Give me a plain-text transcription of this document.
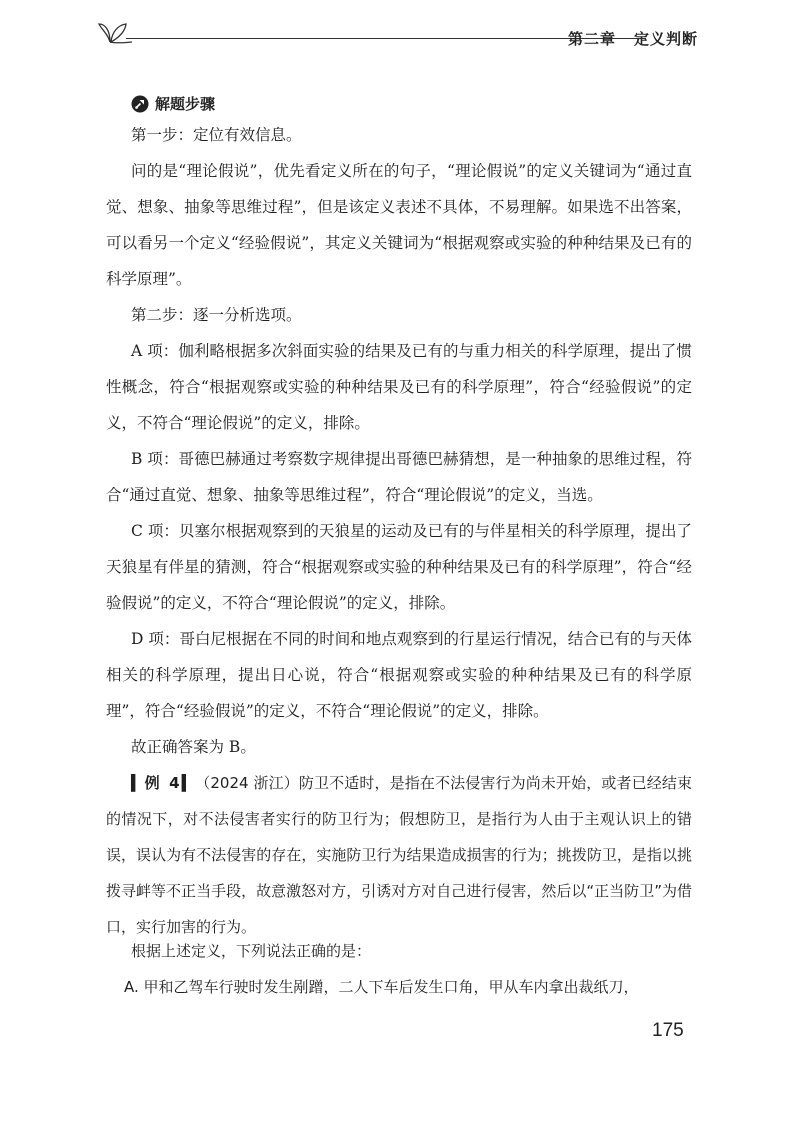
第二章 定义判断
解题步骤

第一步：定位有效信息。

问的是“理论假说”，优先看定义所在的句子，“理论假说”的定义关键词为“通过直觉、想象、抽象等思维过程”，但是该定义表述不具体，不易理解。如果选不出答案，可以看另一个定义“经验假说”，其定义关键词为“根据观察或实验的种种结果及已有的科学原理”。

第二步：逐一分析选项。

A 项：伽利略根据多次斜面实验的结果及已有的与重力相关的科学原理，提出了惯性概念，符合“根据观察或实验的种种结果及已有的科学原理”，符合“经验假说”的定义，不符合“理论假说”的定义，排除。

B 项：哥德巴赫通过考察数字规律提出哥德巴赫猜想，是一种抽象的思维过程，符合“通过直觉、想象、抽象等思维过程”，符合“理论假说”的定义，当选。

C 项：贝塞尔根据观察到的天狼星的运动及已有的与伴星相关的科学原理，提出了天狼星有伴星的猜测，符合“根据观察或实验的种种结果及已有的科学原理”，符合“经验假说”的定义，不符合“理论假说”的定义，排除。

D 项：哥白尼根据在不同的时间和地点观察到的行星运行情况，结合已有的与天体相关的科学原理，提出日心说，符合“根据观察或实验的种种结果及已有的科学原理”，符合“经验假说”的定义，不符合“理论假说”的定义，排除。

故正确答案为 B。

▍例 4▍（2024 浙江）防卫不适时，是指在不法侵害行为尚未开始，或者已经结束的情况下，对不法侵害者实行的防卫行为；假想防卫，是指行为人由于主观认识上的错误，误认为有不法侵害的存在，实施防卫行为结果造成损害的行为；挑拨防卫，是指以挑拨寻衅等不正当手段，故意激怒对方，引诱对方对自己进行侵害，然后以“正当防卫”为借口，实行加害的行为。

根据上述定义，下列说法正确的是：

A. 甲和乙驾车行驶时发生剐蹭，二人下车后发生口角，甲从车内拿出裁纸刀，

175
